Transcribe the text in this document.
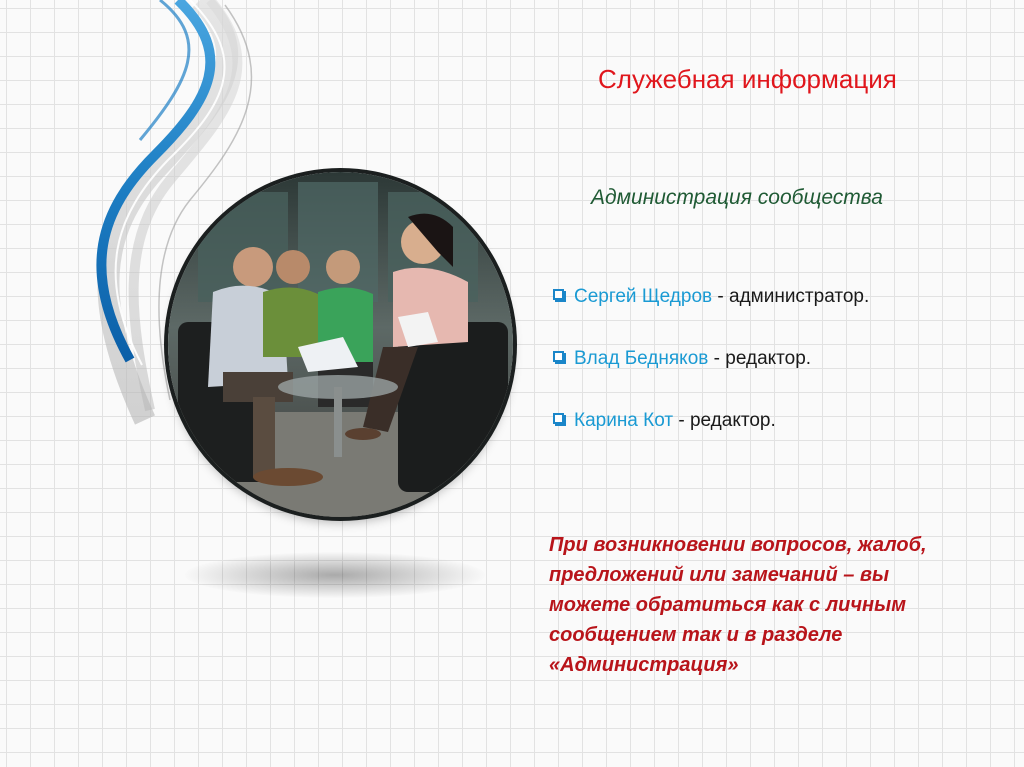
Служебная информация
Администрация сообщества
Сергей Щедров - администратор.
Влад Бедняков - редактор.
Карина Кот - редактор.
При возникновении вопросов, жалоб,
предложений или замечаний – вы
можете обратиться как с личным
сообщением так и в разделе
«Администрация»
